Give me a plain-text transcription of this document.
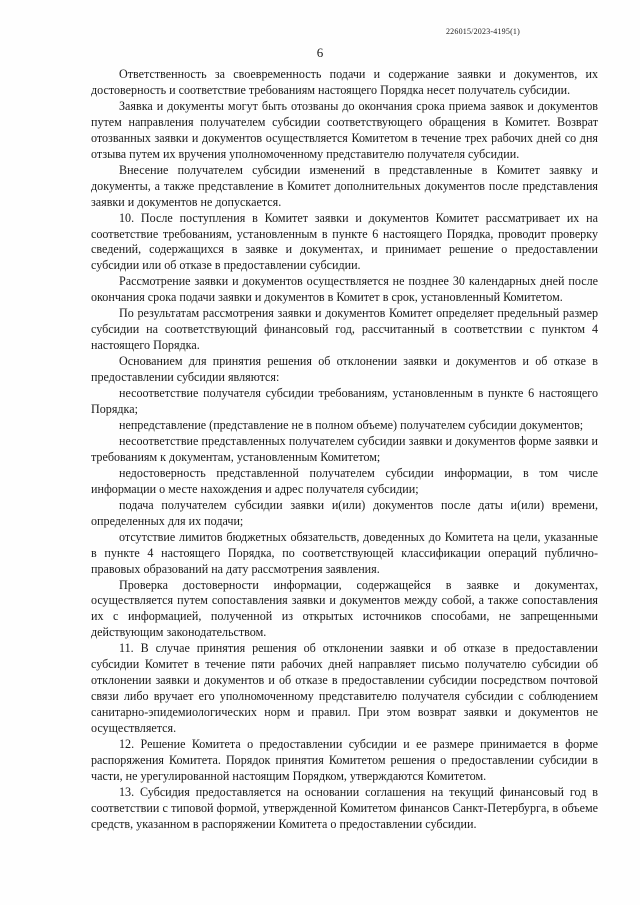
226015/2023-4195(1)
6

Ответственность за своевременность подачи и содержание заявки и документов, их достоверность и соответствие требованиям настоящего Порядка несет получатель субсидии.

Заявка и документы могут быть отозваны до окончания срока приема заявок и документов путем направления получателем субсидии соответствующего обращения в Комитет. Возврат отозванных заявки и документов осуществляется Комитетом в течение трех рабочих дней со дня отзыва путем их вручения уполномоченному представителю получателя субсидии.

Внесение получателем субсидии изменений в представленные в Комитет заявку и документы, а также представление в Комитет дополнительных документов после представления заявки и документов не допускается.

10. После поступления в Комитет заявки и документов Комитет рассматривает их на соответствие требованиям, установленным в пункте 6 настоящего Порядка, проводит проверку сведений, содержащихся в заявке и документах, и принимает решение о предоставлении субсидии или об отказе в предоставлении субсидии.

Рассмотрение заявки и документов осуществляется не позднее 30 календарных дней после окончания срока подачи заявки и документов в Комитет в срок, установленный Комитетом.

По результатам рассмотрения заявки и документов Комитет определяет предельный размер субсидии на соответствующий финансовый год, рассчитанный в соответствии с пунктом 4 настоящего Порядка.

Основанием для принятия решения об отклонении заявки и документов и об отказе в предоставлении субсидии являются:

несоответствие получателя субсидии требованиям, установленным в пункте 6 настоящего Порядка;

непредставление (представление не в полном объеме) получателем субсидии документов;

несоответствие представленных получателем субсидии заявки и документов форме заявки и требованиям к документам, установленным Комитетом;

недостоверность представленной получателем субсидии информации, в том числе информации о месте нахождения и адрес получателя субсидии;

подача получателем субсидии заявки и(или) документов после даты и(или) времени, определенных для их подачи;

отсутствие лимитов бюджетных обязательств, доведенных до Комитета на цели, указанные в пункте 4 настоящего Порядка, по соответствующей классификации операций публично-правовых образований на дату рассмотрения заявления.

Проверка достоверности информации, содержащейся в заявке и документах, осуществляется путем сопоставления заявки и документов между собой, а также сопоставления их с информацией, полученной из открытых источников способами, не запрещенными действующим законодательством.

11. В случае принятия решения об отклонении заявки и об отказе в предоставлении субсидии Комитет в течение пяти рабочих дней направляет письмо получателю субсидии об отклонении заявки и документов и об отказе в предоставлении субсидии посредством почтовой связи либо вручает его уполномоченному представителю получателя субсидии с соблюдением санитарно-эпидемиологических норм и правил. При этом возврат заявки и документов не осуществляется.

12. Решение Комитета о предоставлении субсидии и ее размере принимается в форме распоряжения Комитета. Порядок принятия Комитетом решения о предоставлении субсидии в части, не урегулированной настоящим Порядком, утверждаются Комитетом.

13. Субсидия предоставляется на основании соглашения на текущий финансовый год в соответствии с типовой формой, утвержденной Комитетом финансов Санкт-Петербурга, в объеме средств, указанном в распоряжении Комитета о предоставлении субсидии.
